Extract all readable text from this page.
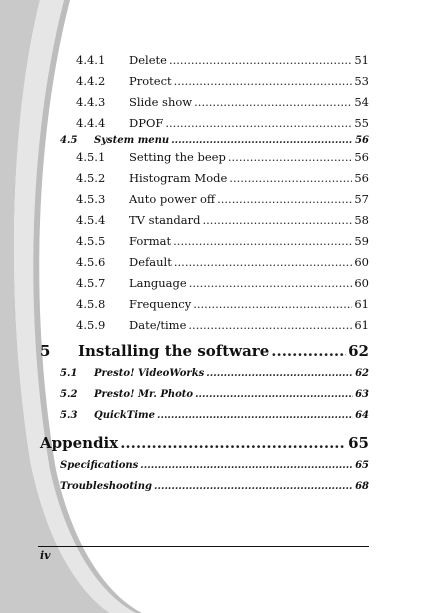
4.4.1	Delete .....	51
4.4.2	Protect .....	53
4.4.3	Slide show .....	54
4.4.4	DPOF .....	55
4.5	System menu .....	56
4.5.1	Setting the beep .....	56
4.5.2	Histogram Mode .....	56
4.5.3	Auto power off .....	57
4.5.4	TV standard .....	58
4.5.5	Format .....	59
4.5.6	Default .....	60
4.5.7	Language .....	60
4.5.8	Frequency .....	61
4.5.9	Date/time .....	61
5	Installing the software .....	62
5.1	Presto! VideoWorks .....	62
5.2	Presto! Mr. Photo .....	63
5.3	QuickTime .....	64
Appendix .....	65
Specifications .....	65
Troubleshooting .....	68
iv
